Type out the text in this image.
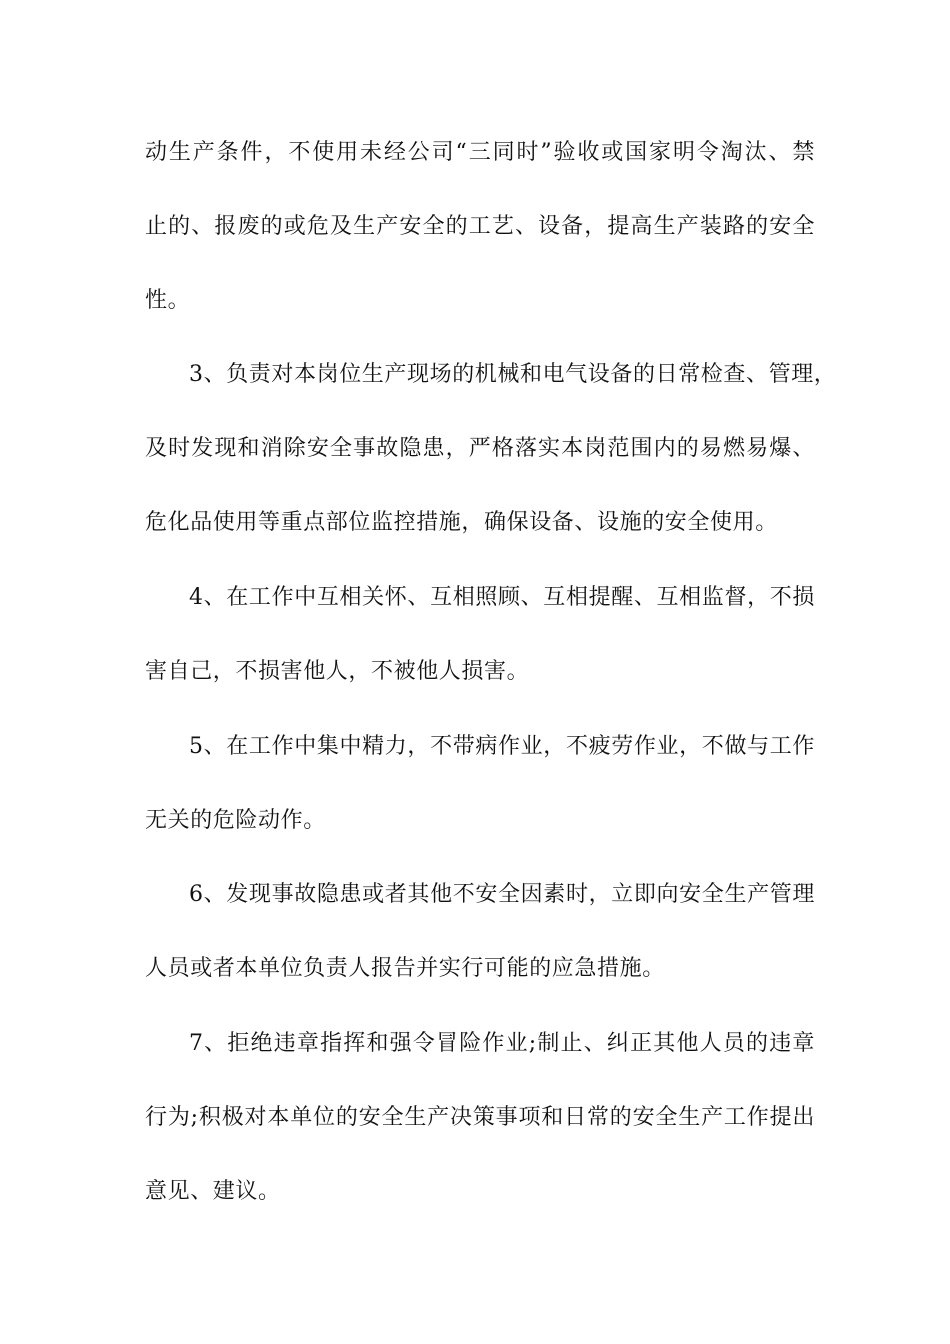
动生产条件，不使用未经公司“三同时”验收或国家明令淘汰、禁
止的、报废的或危及生产安全的工艺、设备，提高生产装路的安全
性。
3、负责对本岗位生产现场的机械和电气设备的日常检查、管理，
及时发现和消除安全事故隐患，严格落实本岗范围内的易燃易爆、
危化品使用等重点部位监控措施，确保设备、设施的安全使用。
4、在工作中互相关怀、互相照顾、互相提醒、互相监督，不损
害自己，不损害他人，不被他人损害。
5、在工作中集中精力，不带病作业，不疲劳作业，不做与工作
无关的危险动作。
6、发现事故隐患或者其他不安全因素时，立即向安全生产管理
人员或者本单位负责人报告并实行可能的应急措施。
7、拒绝违章指挥和强令冒险作业;制止、纠正其他人员的违章
行为;积极对本单位的安全生产决策事项和日常的安全生产工作提出
意见、建议。
